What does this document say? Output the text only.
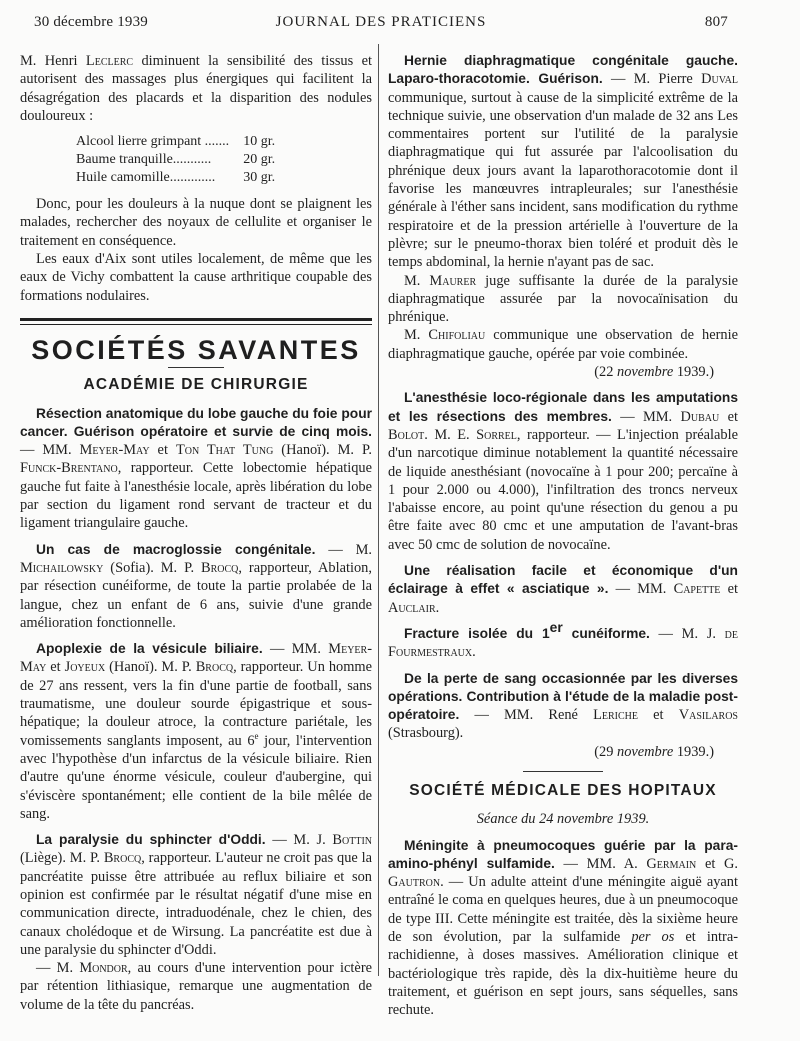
30 décembre 1939	JOURNAL DES PRATICIENS	807

M. Henri Leclerc diminuent la sensibilité des tissus et autorisent des massages plus énergiques qui facilitent la désagrégation des placards et la disparition des nodules douloureux :

Alcool lierre grimpant .......	10 gr.
Baume tranquille...........	20 gr.
Huile camomille.............	30 gr.

Donc, pour les douleurs à la nuque dont se plaignent les malades, rechercher des noyaux de cellulite et organiser le traitement en conséquence.

Les eaux d'Aix sont utiles localement, de même que les eaux de Vichy combattent la cause arthritique coupable des formations nodulaires.

SOCIÉTÉS SAVANTES
ACADÉMIE DE CHIRURGIE

Résection anatomique du lobe gauche du foie pour cancer. Guérison opératoire et survie de cinq mois. — MM. Meyer-May et Ton That Tung (Hanoï). M. P. Funck-Brentano, rapporteur. Cette lobectomie hépatique gauche fut faite à l'anesthésie locale, après libération du lobe par section du ligament rond servant de tracteur et du ligament triangulaire gauche.

Un cas de macroglossie congénitale. — M. Michailowsky (Sofia). M. P. Brocq, rapporteur, Ablation, par résection cunéiforme, de toute la partie prolabée de la langue, chez un enfant de 6 ans, suivie d'une grande amélioration fonctionnelle.

Apoplexie de la vésicule biliaire. — MM. Meyer-May et Joyeux (Hanoï). M. P. Brocq, rapporteur. Un homme de 27 ans ressent, vers la fin d'une partie de football, sans traumatisme, une douleur sourde épigastrique et sous-hépatique; la douleur atroce, la contracture pariétale, les vomissements sanglants imposent, au 6e jour, l'intervention avec l'hypothèse d'un infarctus de la vésicule biliaire. Rien d'autre qu'une énorme vésicule, couleur d'aubergine, qui s'éviscère spontanément; elle contient de la bile mêlée de sang.

La paralysie du sphincter d'Oddi. — M. J. Bottin (Liège). M. P. Brocq, rapporteur. L'auteur ne croit pas que la pancréatite puisse être attribuée au reflux biliaire et son opinion est confirmée par le résultat négatif d'une mise en communication directe, intraduodénale, chez le chien, des canaux cholédoque et de Wirsung. La pancréatite est due à une paralysie du sphincter d'Oddi.

— M. Mondor, au cours d'une intervention pour ictère par rétention lithiasique, remarque une augmentation de volume de la tête du pancréas.

Hernie diaphragmatique congénitale gauche. Laparo-thoracotomie. Guérison. — M. Pierre Duval communique, surtout à cause de la simplicité extrême de la technique suivie, une observation d'un malade de 32 ans Les commentaires portent sur l'utilité de la paralysie diaphragmatique qui fut assurée par l'alcoolisation du phrénique deux jours avant la laparothoracotomie dont il favorise les manœuvres intrapleurales; sur l'anesthésie générale à l'éther sans incident, sans modification du rythme respiratoire et de la pression artérielle à l'ouverture de la plèvre; sur le pneumo-thorax bien toléré et produit dès le temps abdominal, la hernie n'ayant pas de sac.

M. Maurer juge suffisante la durée de la paralysie diaphragmatique assurée par la novocaïnisation du phrénique.

M. Chifoliau communique une observation de hernie diaphragmatique gauche, opérée par voie combinée.

(22 novembre 1939.)

L'anesthésie loco-régionale dans les amputations et les résections des membres. — MM. Dubau et Bolot. M. E. Sorrel, rapporteur. — L'injection préalable d'un narcotique diminue notablement la quantité nécessaire de liquide anesthésiant (novocaïne à 1 pour 200; percaïne à 1 pour 2.000 ou 4.000), l'infiltration des troncs nerveux l'abaisse encore, au point qu'une résection du genou a pu être faite avec 80 cmc et une amputation de l'avant-bras avec 50 cmc de solution de novocaïne.

Une réalisation facile et économique d'un éclairage à effet « asciatique ». — MM. Capette et Auclair.

Fracture isolée du 1er cunéiforme. — M. J. de Fourmestraux.

De la perte de sang occasionnée par les diverses opérations. Contribution à l'étude de la maladie post-opératoire. — MM. René Leriche et Vasilaros (Strasbourg).

(29 novembre 1939.)

SOCIÉTÉ MÉDICALE DES HOPITAUX

Séance du 24 novembre 1939.

Méningite à pneumocoques guérie par la para-amino-phényl sulfamide. — MM. A. Germain et G. Gautron. — Un adulte atteint d'une méningite aiguë ayant entraîné le coma en quelques heures, due à un pneumocoque de type III. Cette méningite est traitée, dès la sixième heure de son évolution, par la sulfamide per os et intra-rachidienne, à doses massives. Amélioration clinique et bactériologique très rapide, dès la dix-huitième heure du traitement, et guérison en sept jours, sans séquelles, sans rechute.
